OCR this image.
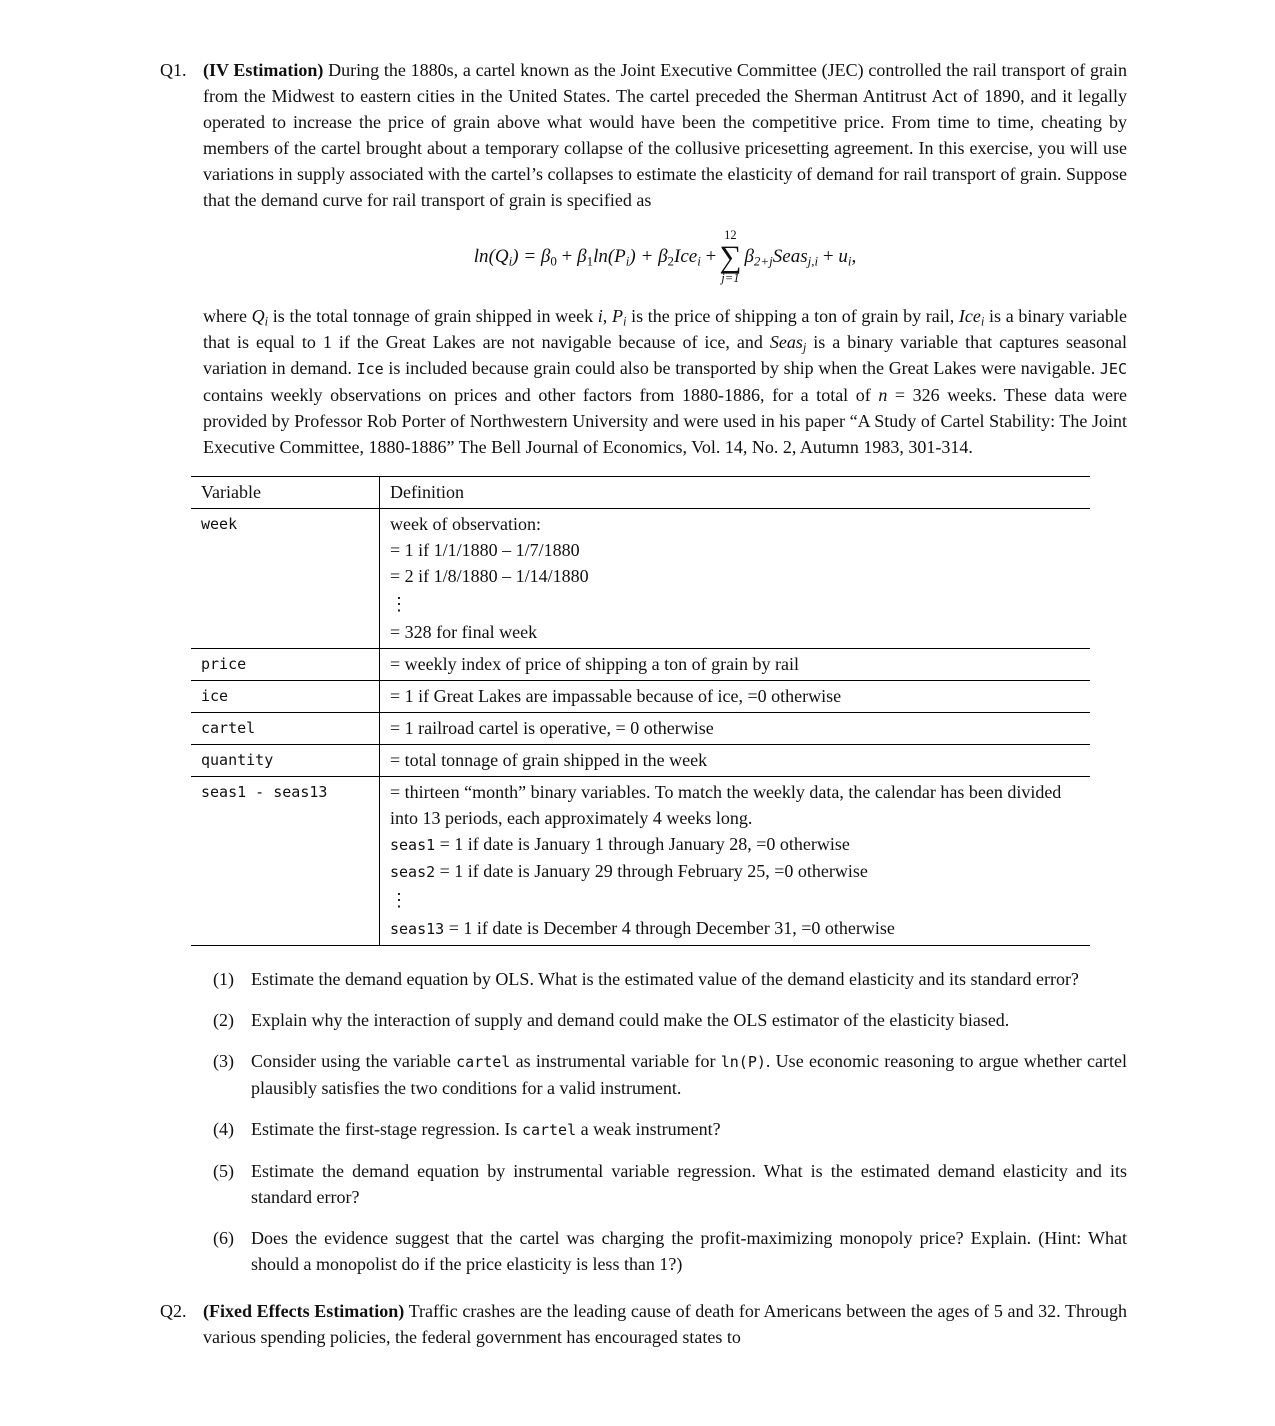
Q1. (IV Estimation) During the 1880s, a cartel known as the Joint Executive Committee (JEC) controlled the rail transport of grain from the Midwest to eastern cities in the United States. The cartel preceded the Sherman Antitrust Act of 1890, and it legally operated to increase the price of grain above what would have been the competitive price. From time to time, cheating by members of the cartel brought about a temporary collapse of the collusive pricesetting agreement. In this exercise, you will use variations in supply associated with the cartel’s collapses to estimate the elasticity of demand for rail transport of grain. Suppose that the demand curve for rail transport of grain is specified as
$\ln(Q_i) = \beta_0 + \beta_1\ln(P_i) + \beta_2Ice_i$ +
12
∑
j=1
$\beta_{2+j}Seas_{j,i} + u_i$,
where $Q_i$ is the total tonnage of grain shipped in week i, $P_i$ is the price of shipping a ton of grain by rail, Ice$_i$ is a binary variable that is equal to 1 if the Great Lakes are not navigable because of ice, and Seas$_j$ is a binary variable that captures seasonal variation in demand. Ice is included because grain could also be transported by ship when the Great Lakes were navigable. JEC contains weekly observations on prices and other factors from 1880-1886, for a total of n = 326 weeks. These data were provided by Professor Rob Porter of Northwestern University and were used in his paper “A Study of Cartel Stability: The Joint Executive Committee, 1880-1886” The Bell Journal of Economics, Vol. 14, No. 2, Autumn 1983, 301-314.
Variable	Definition
week	week of observation:
= 1 if 1/1/1880 – 1/7/1880
= 2 if 1/8/1880 – 1/14/1880
⋮
= 328 for final week

price	= weekly index of price of shipping a ton of grain by rail

ice	= 1 if Great Lakes are impassable because of ice, =0 otherwise

cartel	= 1 railroad cartel is operative, = 0 otherwise

quantity	= total tonnage of grain shipped in the week

seas1 - seas13	= thirteen “month” binary variables. To match the weekly data, the calendar has been divided into 13 periods, each approximately 4 weeks long.
seas1 = 1 if date is January 1 through January 28, =0 otherwise
seas2 = 1 if date is January 29 through February 25, =0 otherwise
⋮
seas13 = 1 if date is December 4 through December 31, =0 otherwise
(1) Estimate the demand equation by OLS. What is the estimated value of the demand elasticity and its standard error?
(2) Explain why the interaction of supply and demand could make the OLS estimator of the elasticity biased.
(3) Consider using the variable cartel as instrumental variable for ln(P). Use economic reasoning to argue whether cartel plausibly satisfies the two conditions for a valid instrument.
(4) Estimate the first-stage regression. Is cartel a weak instrument?
(5) Estimate the demand equation by instrumental variable regression. What is the estimated demand elasticity and its standard error?
(6) Does the evidence suggest that the cartel was charging the profit-maximizing monopoly price? Explain. (Hint: What should a monopolist do if the price elasticity is less than 1?)
Q2. (Fixed Effects Estimation) Traffic crashes are the leading cause of death for Americans between the ages of 5 and 32. Through various spending policies, the federal government has encouraged states to
